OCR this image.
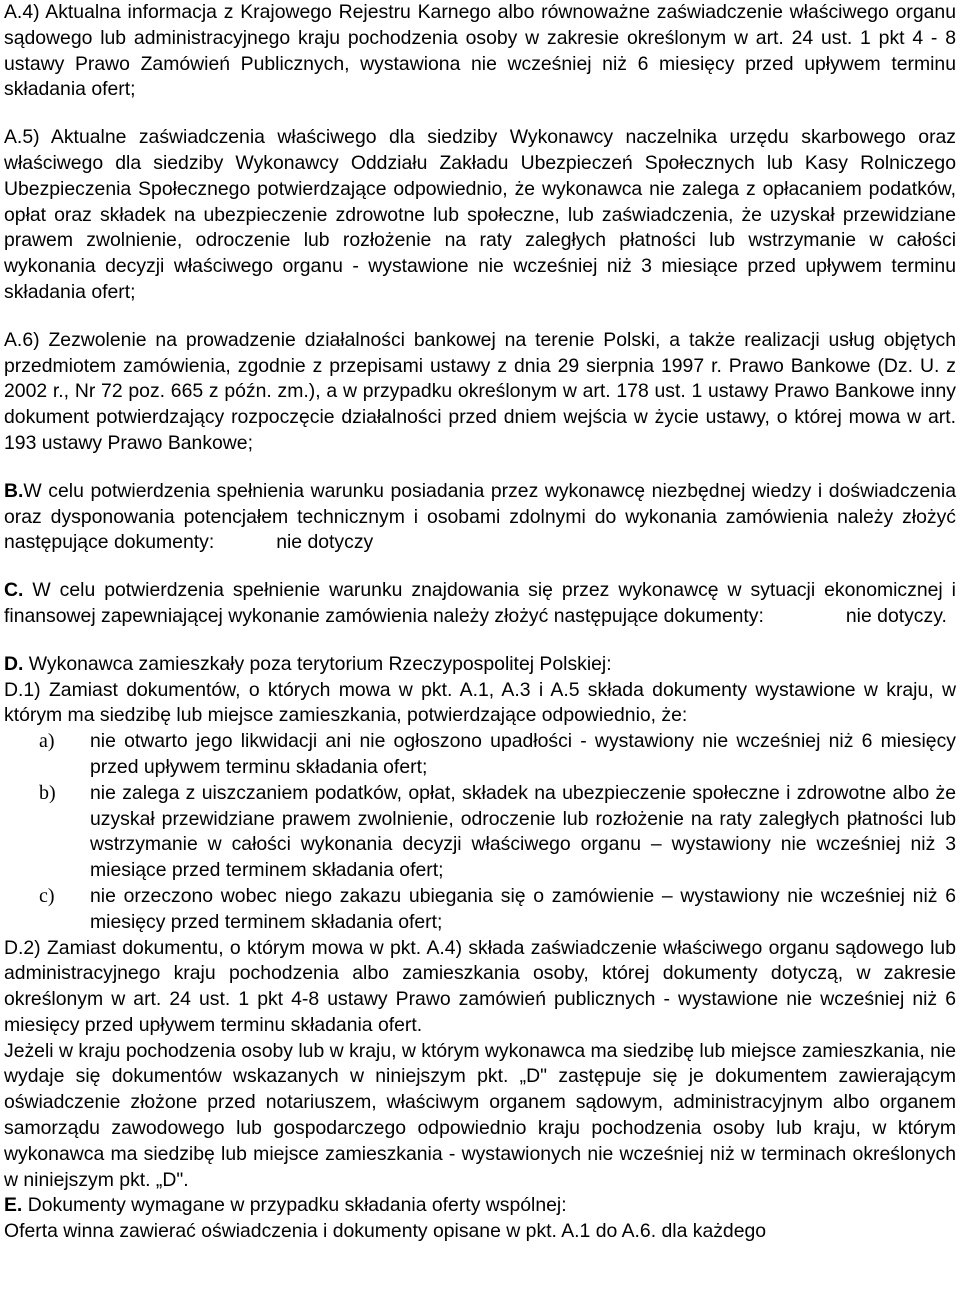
A.4) Aktualna informacja z Krajowego Rejestru Karnego albo równoważne zaświadczenie właściwego organu sądowego lub administracyjnego kraju pochodzenia osoby w zakresie określonym w art. 24 ust. 1 pkt 4 - 8 ustawy Prawo Zamówień Publicznych, wystawiona nie wcześniej niż 6 miesięcy przed upływem terminu składania ofert;

A.5) Aktualne zaświadczenia właściwego dla siedziby Wykonawcy naczelnika urzędu skarbowego oraz właściwego dla siedziby Wykonawcy Oddziału Zakładu Ubezpieczeń Społecznych lub Kasy Rolniczego Ubezpieczenia Społecznego potwierdzające odpowiednio, że wykonawca nie zalega z opłacaniem podatków, opłat oraz składek na ubezpieczenie zdrowotne lub społeczne, lub zaświadczenia, że uzyskał przewidziane prawem zwolnienie, odroczenie lub rozłożenie na raty zaległych płatności lub wstrzymanie w całości wykonania decyzji właściwego organu - wystawione nie wcześniej niż 3 miesiące przed upływem terminu składania ofert;

A.6) Zezwolenie na prowadzenie działalności bankowej na terenie Polski, a także realizacji usług objętych przedmiotem zamówienia, zgodnie z przepisami ustawy z dnia 29 sierpnia 1997 r. Prawo Bankowe (Dz. U. z 2002 r., Nr 72 poz. 665 z późn. zm.), a w przypadku określonym w art. 178 ust. 1 ustawy Prawo Bankowe inny dokument potwierdzający rozpoczęcie działalności przed dniem wejścia w życie ustawy, o której mowa w art. 193 ustawy Prawo Bankowe;

B.W celu potwierdzenia spełnienia warunku posiadania przez wykonawcę niezbędnej wiedzy i doświadczenia oraz dysponowania potencjałem technicznym i osobami zdolnymi do wykonania zamówienia należy złożyć następujące dokumenty:	nie dotyczy

C. W celu potwierdzenia spełnienie warunku znajdowania się przez wykonawcę w sytuacji ekonomicznej i finansowej zapewniającej wykonanie zamówienia należy złożyć następujące dokumenty:	nie dotyczy.

D. Wykonawca zamieszkały poza terytorium Rzeczypospolitej Polskiej:

D.1) Zamiast dokumentów, o których mowa w pkt. A.1, A.3 i A.5 składa dokumenty wystawione w kraju, w którym ma siedzibę lub miejsce zamieszkania, potwierdzające odpowiednio, że:

a) nie otwarto jego likwidacji ani nie ogłoszono upadłości - wystawiony nie wcześniej niż 6 miesięcy przed upływem terminu składania ofert;
b) nie zalega z uiszczaniem podatków, opłat, składek na ubezpieczenie społeczne i zdrowotne albo że uzyskał przewidziane prawem zwolnienie, odroczenie lub rozłożenie na raty zaległych płatności lub wstrzymanie w całości wykonania decyzji właściwego organu – wystawiony nie wcześniej niż 3 miesiące przed terminem składania ofert;
c) nie orzeczono wobec niego zakazu ubiegania się o zamówienie – wystawiony nie wcześniej niż 6 miesięcy przed terminem składania ofert;

D.2) Zamiast dokumentu, o którym mowa w pkt. A.4) składa zaświadczenie właściwego organu sądowego lub administracyjnego kraju pochodzenia albo zamieszkania osoby, której dokumenty dotyczą, w zakresie określonym w art. 24 ust. 1 pkt 4-8 ustawy Prawo zamówień publicznych - wystawione nie wcześniej niż 6 miesięcy przed upływem terminu składania ofert.

Jeżeli w kraju pochodzenia osoby lub w kraju, w którym wykonawca ma siedzibę lub miejsce zamieszkania, nie wydaje się dokumentów wskazanych w niniejszym pkt. „D" zastępuje się je dokumentem zawierającym oświadczenie złożone przed notariuszem, właściwym organem sądowym, administracyjnym albo organem samorządu zawodowego lub gospodarczego odpowiednio kraju pochodzenia osoby lub kraju, w którym wykonawca ma siedzibę lub miejsce zamieszkania - wystawionych nie wcześniej niż w terminach określonych w niniejszym pkt. „D".

E. Dokumenty wymagane w przypadku składania oferty wspólnej:

Oferta winna zawierać oświadczenia i dokumenty opisane w pkt. A.1 do A.6. dla każdego
